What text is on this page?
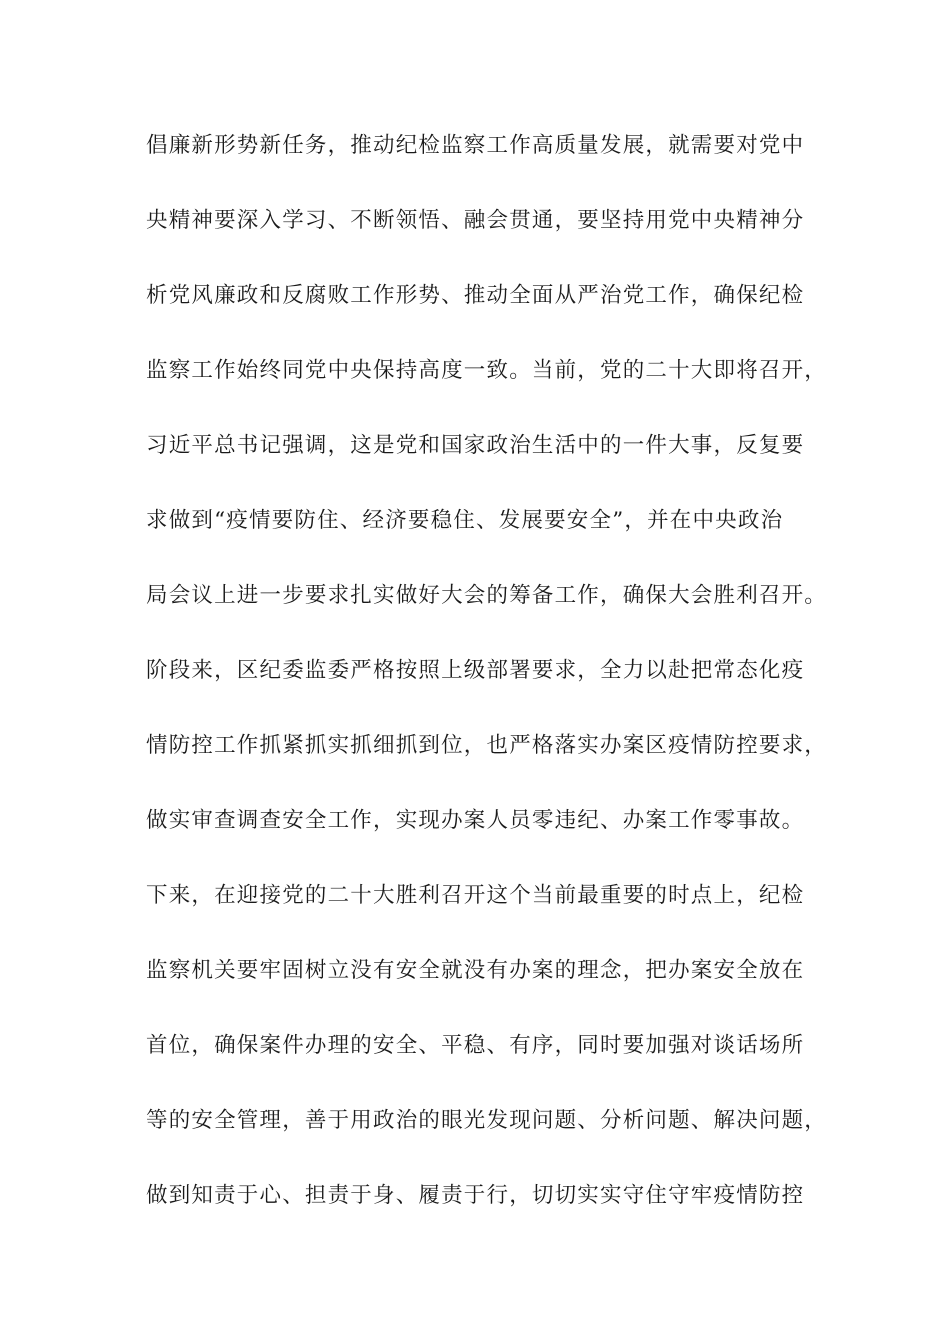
倡廉新形势新任务，推动纪检监察工作高质量发展，就需要对党中
央精神要深入学习、不断领悟、融会贯通，要坚持用党中央精神分
析党风廉政和反腐败工作形势、推动全面从严治党工作，确保纪检
监察工作始终同党中央保持高度一致。当前，党的二十大即将召开，
习近平总书记强调，这是党和国家政治生活中的一件大事，反复要
求做到“疫情要防住、经济要稳住、发展要安全”，并在中央政治
局会议上进一步要求扎实做好大会的筹备工作，确保大会胜利召开。
阶段来，区纪委监委严格按照上级部署要求，全力以赴把常态化疫
情防控工作抓紧抓实抓细抓到位，也严格落实办案区疫情防控要求，
做实审查调查安全工作，实现办案人员零违纪、办案工作零事故。
下来，在迎接党的二十大胜利召开这个当前最重要的时点上，纪检
监察机关要牢固树立没有安全就没有办案的理念，把办案安全放在
首位，确保案件办理的安全、平稳、有序，同时要加强对谈话场所
等的安全管理，善于用政治的眼光发现问题、分析问题、解决问题，
做到知责于心、担责于身、履责于行，切切实实守住守牢疫情防控
